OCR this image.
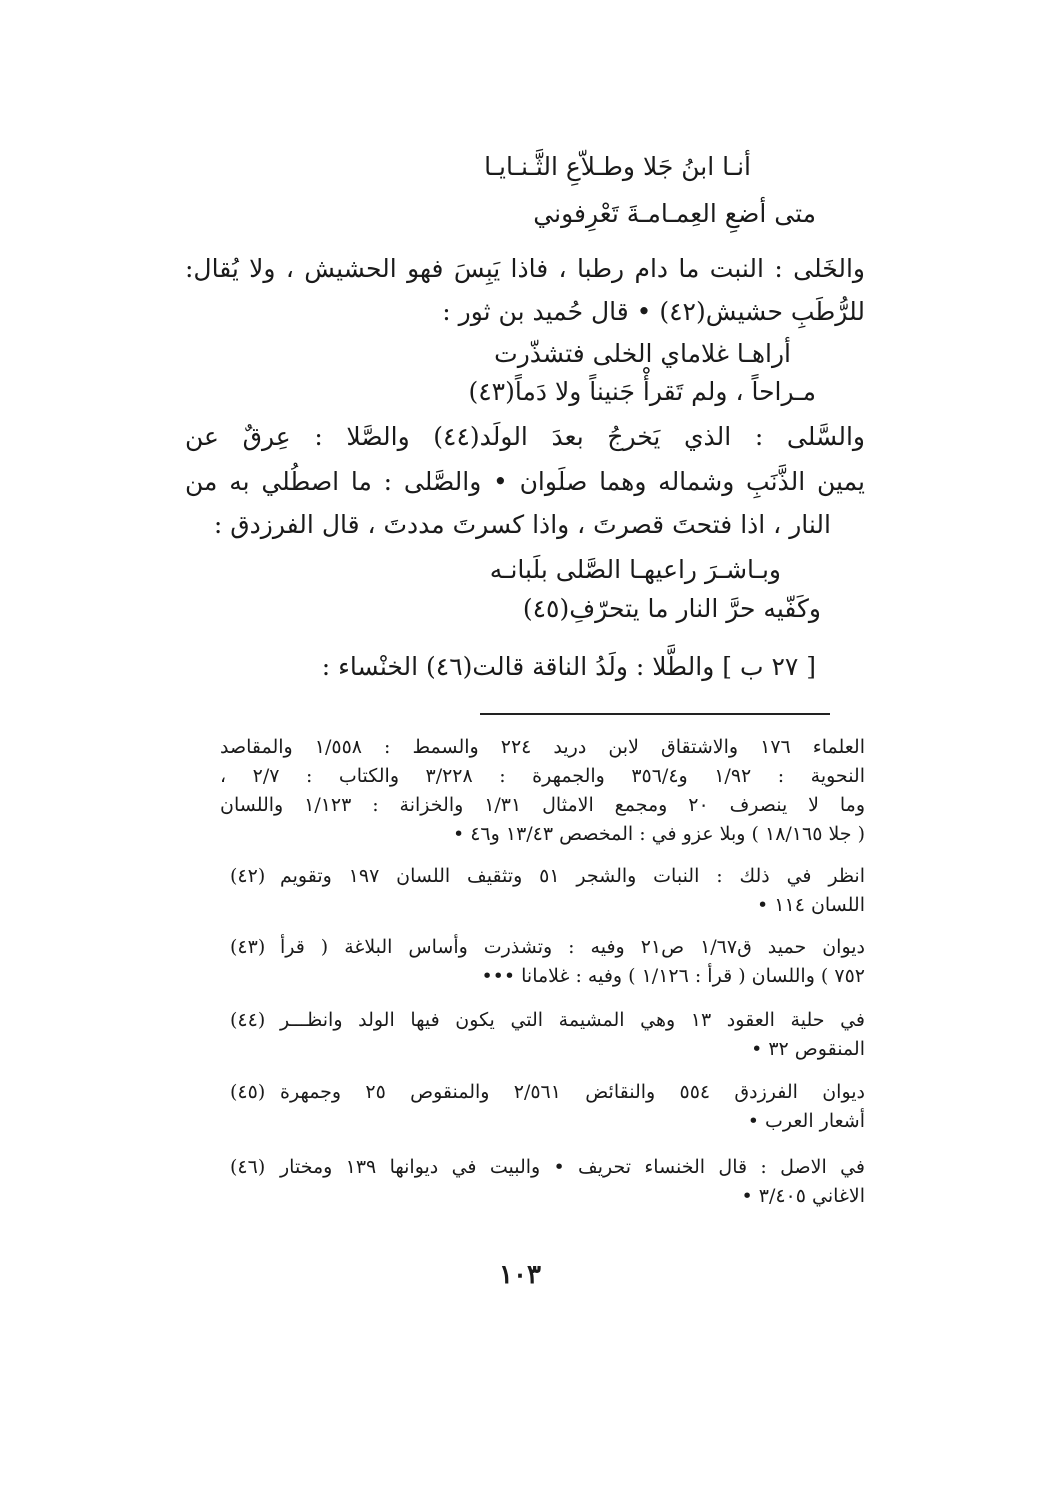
أنـا ابنُ جَلا وطـلاّعِ الثَّـنـايـا
متى أضعِ العِمـامـةَ تَعْرِفوني
والخَلى : النبت ما دام رطبا ، فاذا يَبِسَ فهو الحشيش ، ولا يُقال:
للرُّطَبِ حشيش(٤٢) • قال حُميد بن ثور :
أراهـا غلاماي الخلى فتشذّرت
مـراحاً ، ولم تَقرأْ جَنيناً ولا دَماً(٤٣)
والسَّلى : الذي يَخرجُ بعدَ الولَد(٤٤) والصَّلا : عِرقٌ عن
يمين الذَّنَبِ وشماله وهما صلَوان • والصَّلى : ما اصطُلي به من
النار ، اذا فتحتَ قصرتَ ، واذا كسرتَ مددتَ ، قال الفرزدق :
وبـاشـرَ راعيهـا الصَّلى بلَبانـه
وكَفّيه حرَّ النار ما يتحرّفِ(٤٥)
[ ٢٧ ب ] والطَّلا : ولَدُ الناقة قالت(٤٦) الخنْساء :
العلماء ١٧٦ والاشتقاق لابن دريد ٢٢٤ والسمط : ١/٥٥٨ والمقاصد
النحوية : ١/٩٢ و٣٥٦/٤ والجمهرة : ٣/٢٢٨ والكتاب : ٢/٧ ،
وما لا ينصرف ٢٠ ومجمع الامثال ١/٣١ والخزانة : ١/١٢٣ واللسان
( جلا ١٨/١٦٥ ) وبلا عزو في : المخصص ١٣/٤٣ و٤٦ •
(٤٢) انظر في ذلك : النبات والشجر ٥١ وتثقيف اللسان ١٩٧ وتقويم
اللسان ١١٤ •
(٤٣) ديوان حميد ق١/٦٧ ص٢١ وفيه : وتشذرت وأساس البلاغة ( قرأ
٧٥٢ ) واللسان ( قرأ : ١/١٢٦ ) وفيه : غلامانا •••
(٤٤) في حلية العقود ١٣ وهي المشيمة التي يكون فيها الولد وانظـــر
المنقوص ٣٢ •
(٤٥) ديوان الفرزدق ٥٥٤ والنقائض ٢/٥٦١ والمنقوص ٢٥ وجمهرة
أشعار العرب •
(٤٦) في الاصل : قال الخنساء تحريف • والبيت في ديوانها ١٣٩ ومختار
الاغاني ٣/٤٠٥ •
١٠٣
